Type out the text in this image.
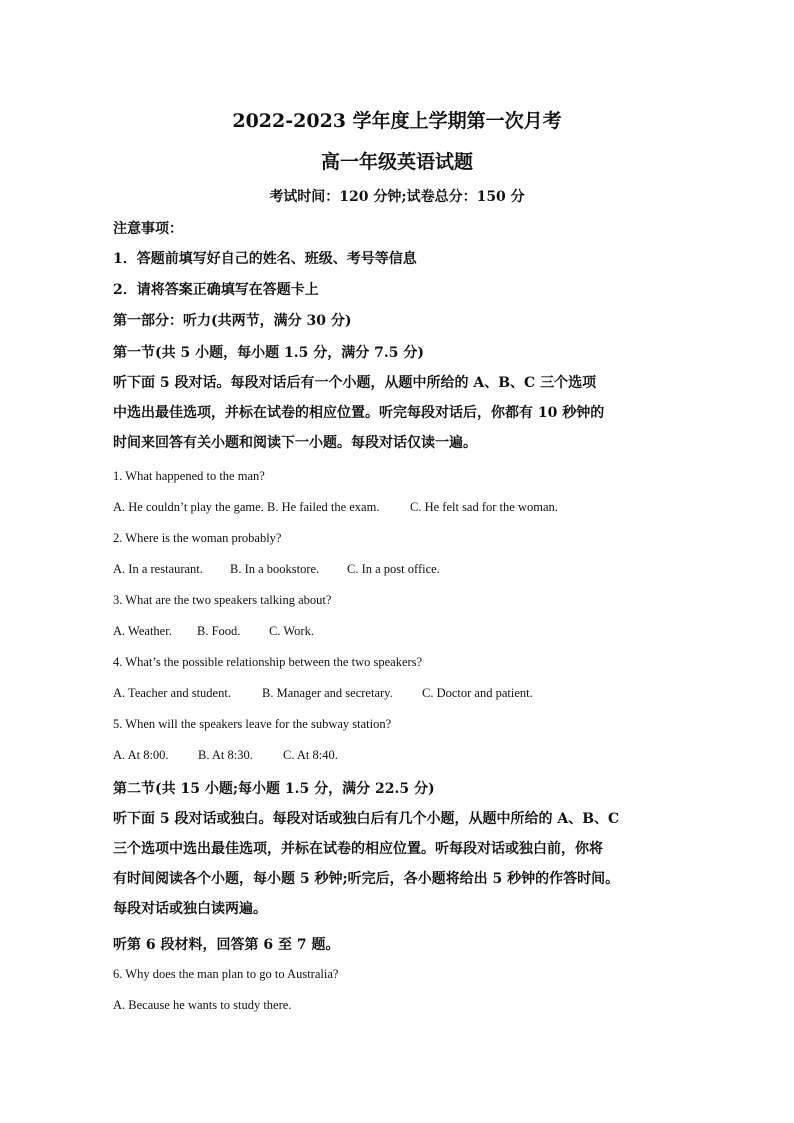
2022-2023 学年度上学期第一次月考
高一年级英语试题
考试时间：120 分钟;试卷总分：150 分
注意事项：
1．答题前填写好自己的姓名、班级、考号等信息
2．请将答案正确填写在答题卡上
第一部分：听力(共两节，满分 30 分)
第一节(共 5 小题，每小题 1.5 分，满分 7.5 分)
听下面 5 段对话。每段对话后有一个小题，从题中所给的 A、B、C 三个选项
中选出最佳选项，并标在试卷的相应位置。听完每段对话后，你都有 10 秒钟的
时间来回答有关小题和阅读下一小题。每段对话仅读一遍。
1. What happened to the man?
A. He couldn’t play the game. B. He failed the exam. C. He felt sad for the woman.
2. Where is the woman probably?
A. In a restaurant. B. In a bookstore. C. In a post office.
3. What are the two speakers talking about?
A. Weather. B. Food. C. Work.
4. What’s the possible relationship between the two speakers?
A. Teacher and student. B. Manager and secretary. C. Doctor and patient.
5. When will the speakers leave for the subway station?
A. At 8:00. B. At 8:30. C. At 8:40.
第二节(共 15 小题;每小题 1.5 分，满分 22.5 分)
听下面 5 段对话或独白。每段对话或独白后有几个小题，从题中所给的 A、B、C
三个选项中选出最佳选项，并标在试卷的相应位置。听每段对话或独白前，你将
有时间阅读各个小题，每小题 5 秒钟;听完后，各小题将给出 5 秒钟的作答时间。
每段对话或独白读两遍。
听第 6 段材料，回答第 6 至 7 题。
6. Why does the man plan to go to Australia?
A. Because he wants to study there.
